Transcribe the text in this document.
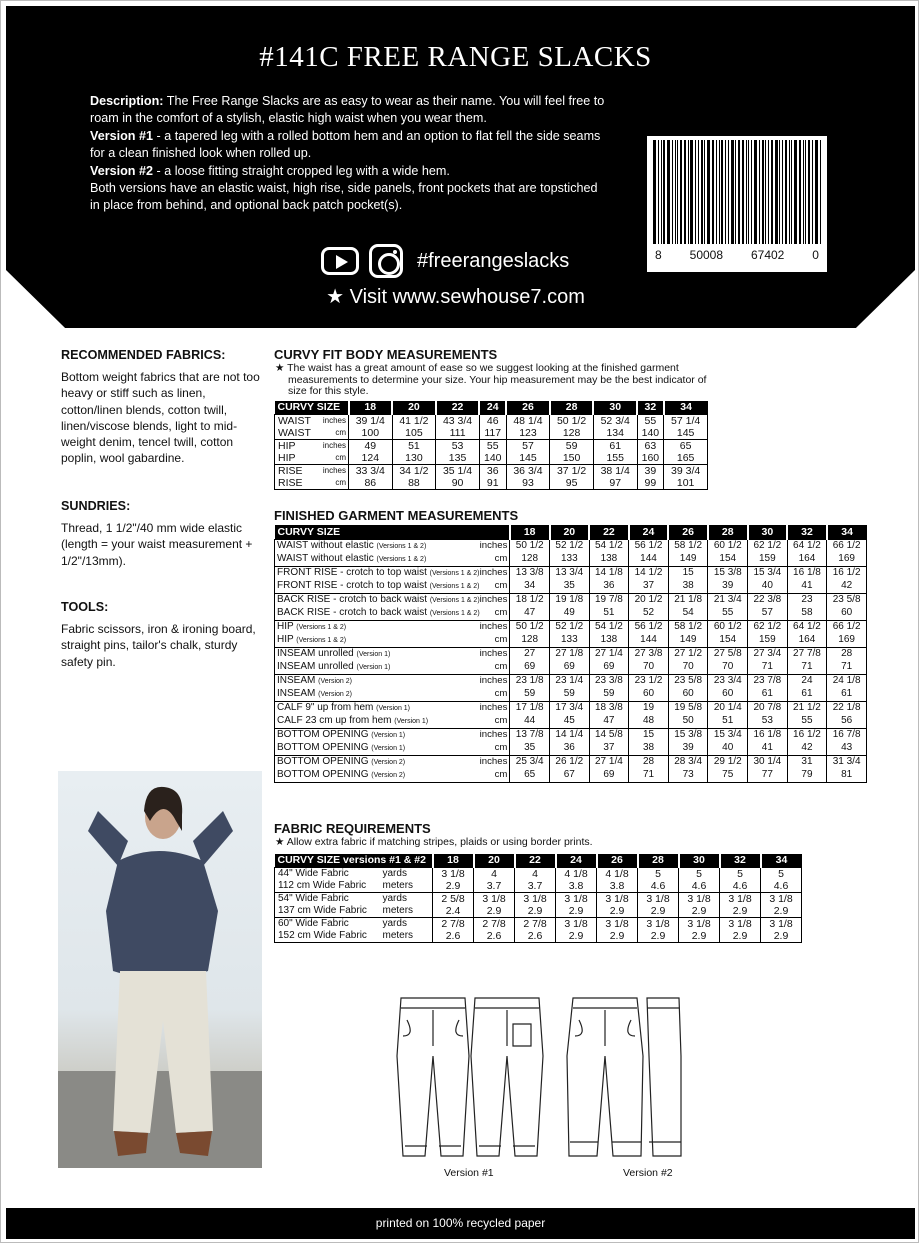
#141C FREE RANGE SLACKS

Description: The Free Range Slacks are as easy to wear as their name. You will feel free to roam in the comfort of a stylish, elastic high waist when you wear them.

Version #1 - a tapered leg with a rolled bottom hem and an option to flat fell the side seams for a clean finished look when rolled up.

Version #2 - a loose fitting straight cropped leg with a wide hem.

Both versions have an elastic waist, high rise, side panels, front pockets that are topstiched in place from behind, and optional back patch pocket(s).

8 50008 67402 0
#freerangeslacks
★ Visit www.sewhouse7.com
RECOMMENDED FABRICS:

Bottom weight fabrics that are not too heavy or stiff such as linen, cotton/linen blends, cotton twill, linen/viscose blends, light to mid-weight denim, tencel twill, cotton poplin, wool gabardine.

SUNDRIES:

Thread, 1 1/2"/40 mm wide elastic (length = your waist measurement + 1/2"/13mm).

TOOLS:

Fabric scissors, iron & ironing board, straight pins, tailor's chalk, sturdy safety pin.

CURVY FIT BODY MEASUREMENTS
★ The waist has a great amount of ease so we suggest looking at the finished garment measurements to determine your size. Your hip measurement may be the best indicator of size for this style.
CURVY SIZE		18	20	22	24	26	28	30	32	34
WAIST	inches	39 1/4	41 1/2	43 3/4	46	48 1/4	50 1/2	52 3/4	55	57 1/4
WAIST	cm	100	105	111	117	123	128	134	140	145
HIP	inches	49	51	53	55	57	59	61	63	65
HIP	cm	124	130	135	140	145	150	155	160	165
RISE	inches	33 3/4	34 1/2	35 1/4	36	36 3/4	37 1/2	38 1/4	39	39 3/4
RISE	cm	86	88	90	91	93	95	97	99	101
FINISHED GARMENT MEASUREMENTS
CURVY SIZE		18	20	22	24	26	28	30	32	34
WAIST without elastic (Versions 1 & 2)	inches	50 1/2	52 1/2	54 1/2	56 1/2	58 1/2	60 1/2	62 1/2	64 1/2	66 1/2
WAIST without elastic (Versions 1 & 2)	cm	128	133	138	144	149	154	159	164	169
FRONT RISE - crotch to top waist (Versions 1 & 2)	inches	13 3/8	13 3/4	14 1/8	14 1/2	15	15 3/8	15 3/4	16 1/8	16 1/2
FRONT RISE - crotch to top waist (Versions 1 & 2)	cm	34	35	36	37	38	39	40	41	42
BACK RISE - crotch to back waist (Versions 1 & 2)	inches	18 1/2	19 1/8	19 7/8	20 1/2	21 1/8	21 3/4	22 3/8	23	23 5/8
BACK RISE - crotch to back waist (Versions 1 & 2)	cm	47	49	51	52	54	55	57	58	60
HIP (Versions 1 & 2)	inches	50 1/2	52 1/2	54 1/2	56 1/2	58 1/2	60 1/2	62 1/2	64 1/2	66 1/2
HIP (Versions 1 & 2)	cm	128	133	138	144	149	154	159	164	169
INSEAM unrolled (Version 1)	inches	27	27 1/8	27 1/4	27 3/8	27 1/2	27 5/8	27 3/4	27 7/8	28
INSEAM unrolled (Version 1)	cm	69	69	69	70	70	70	71	71	71
INSEAM (Version 2)	inches	23 1/8	23 1/4	23 3/8	23 1/2	23 5/8	23 3/4	23 7/8	24	24 1/8
INSEAM (Version 2)	cm	59	59	59	60	60	60	61	61	61
CALF 9" up from hem (Version 1)	inches	17 1/8	17 3/4	18 3/8	19	19 5/8	20 1/4	20 7/8	21 1/2	22 1/8
CALF 23 cm up from hem (Version 1)	cm	44	45	47	48	50	51	53	55	56
BOTTOM OPENING (Version 1)	inches	13 7/8	14 1/4	14 5/8	15	15 3/8	15 3/4	16 1/8	16 1/2	16 7/8
BOTTOM OPENING (Version 1)	cm	35	36	37	38	39	40	41	42	43
BOTTOM OPENING (Version 2)	inches	25 3/4	26 1/2	27 1/4	28	28 3/4	29 1/2	30 1/4	31	31 3/4
BOTTOM OPENING (Version 2)	cm	65	67	69	71	73	75	77	79	81
FABRIC REQUIREMENTS
★ Allow extra fabric if matching stripes, plaids or using border prints.
CURVY SIZE versions #1 & #2		18	20	22	24	26	28	30	32	34
44" Wide Fabric	yards	3 1/8	4	4	4 1/8	4 1/8	5	5	5	5
112 cm Wide Fabric	meters	2.9	3.7	3.7	3.8	3.8	4.6	4.6	4.6	4.6
54" Wide Fabric	yards	2 5/8	3 1/8	3 1/8	3 1/8	3 1/8	3 1/8	3 1/8	3 1/8	3 1/8
137 cm Wide Fabric	meters	2.4	2.9	2.9	2.9	2.9	2.9	2.9	2.9	2.9
60" Wide Fabric	yards	2 7/8	2 7/8	2 7/8	3 1/8	3 1/8	3 1/8	3 1/8	3 1/8	3 1/8
152 cm Wide Fabric	meters	2.6	2.6	2.6	2.9	2.9	2.9	2.9	2.9	2.9
Version #1	Version #2
printed on 100% recycled paper
